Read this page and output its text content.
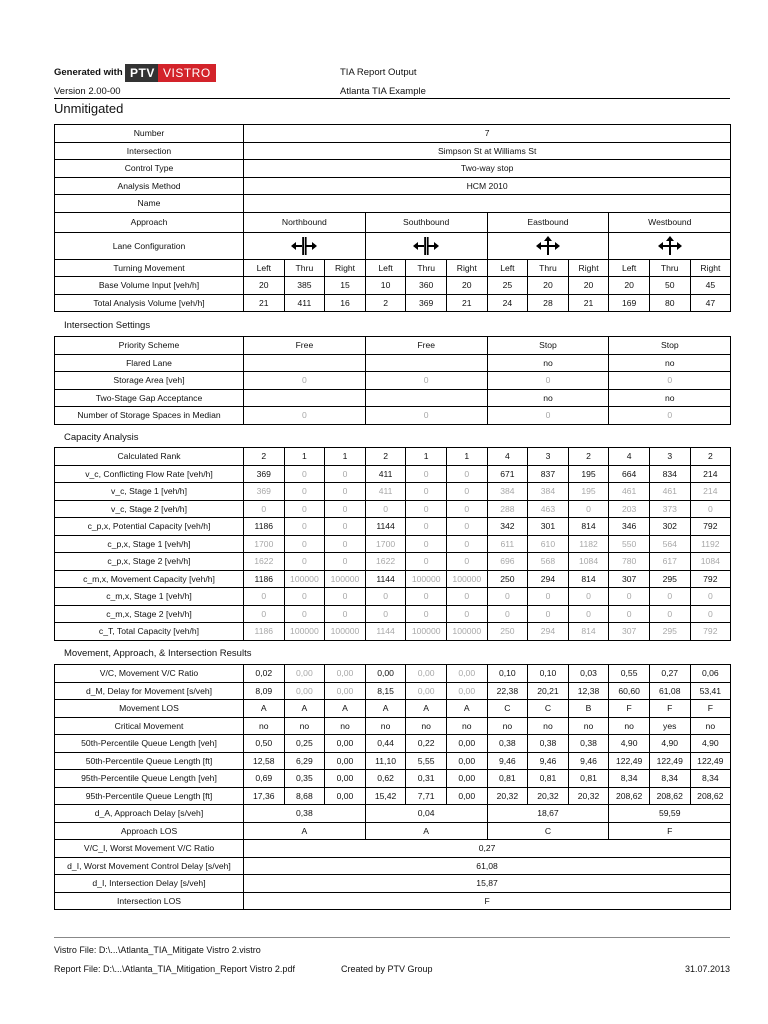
Generated with PTV VISTRO
Version 2.00-00
TIA Report Output
Atlanta TIA Example
Unmitigated
Number	7											
Intersection	Simpson St at Williams St											
Control Type	Two-way stop											
Analysis Method	HCM 2010											
Name												
Approach	Northbound			Southbound			Eastbound			Westbound		
Lane Configuration	

Turning Movement	Left	Thru	Right	Left	Thru	Right	Left	Thru	Right	Left	Thru	Right
Base Volume Input [veh/h]	20	385	15	10	360	20	25	20	20	20	50	45
Total Analysis Volume [veh/h]	21	411	16	2	369	21	24	28	21	169	80	47
Intersection Settings
Priority Scheme	Free	Free	Stop	Stop
Flared Lane			no	no
Storage Area [veh]	0	0	0	0
Two-Stage Gap Acceptance			no	no
Number of Storage Spaces in Median	0	0	0	0
Capacity Analysis
Calculated Rank	2	1	1	2	1	1	4	3	2	4	3	2
v_c, Conflicting Flow Rate [veh/h]	369	0	0	411	0	0	671	837	195	664	834	214
v_c, Stage 1 [veh/h]	369	0	0	411	0	0	384	384	195	461	461	214
v_c, Stage 2 [veh/h]	0	0	0	0	0	0	288	463	0	203	373	0
c_p,x, Potential Capacity [veh/h]	1186	0	0	1144	0	0	342	301	814	346	302	792
c_p,x, Stage 1 [veh/h]	1700	0	0	1700	0	0	611	610	1182	550	564	1192
c_p,x, Stage 2 [veh/h]	1622	0	0	1622	0	0	696	568	1084	780	617	1084
c_m,x, Movement Capacity [veh/h]	1186	100000	100000	1144	100000	100000	250	294	814	307	295	792
c_m,x, Stage 1 [veh/h]	0	0	0	0	0	0	0	0	0	0	0	0
c_m,x, Stage 2 [veh/h]	0	0	0	0	0	0	0	0	0	0	0	0
c_T, Total Capacity [veh/h]	1186	100000	100000	1144	100000	100000	250	294	814	307	295	792
Movement, Approach, & Intersection Results
V/C, Movement V/C Ratio	0,02	0,00	0,00	0,00	0,00	0,00	0,10	0,10	0,03	0,55	0,27	0,06
d_M, Delay for Movement [s/veh]	8,09	0,00	0,00	8,15	0,00	0,00	22,38	20,21	12,38	60,60	61,08	53,41
Movement LOS	A	A	A	A	A	A	C	C	B	F	F	F
Critical Movement	no	no	no	no	no	no	no	no	no	no	yes	no
50th-Percentile Queue Length [veh]	0,50	0,25	0,00	0,44	0,22	0,00	0,38	0,38	0,38	4,90	4,90	4,90
50th-Percentile Queue Length [ft]	12,58	6,29	0,00	11,10	5,55	0,00	9,46	9,46	9,46	122,49	122,49	122,49
95th-Percentile Queue Length [veh]	0,69	0,35	0,00	0,62	0,31	0,00	0,81	0,81	0,81	8,34	8,34	8,34
95th-Percentile Queue Length [ft]	17,36	8,68	0,00	15,42	7,71	0,00	20,32	20,32	20,32	208,62	208,62	208,62
d_A, Approach Delay [s/veh]	0,38			0,04			18,67			59,59		
Approach LOS	A			A			C			F		
V/C_I, Worst Movement V/C Ratio	0,27											
d_I, Worst Movement Control Delay [s/veh]	61,08											
d_I, Intersection Delay [s/veh]	15,87											
Intersection LOS	F											
Vistro File: D:\...\Atlanta_TIA_Mitigate Vistro 2.vistro
Report File: D:\...\Atlanta_TIA_Mitigation_Report Vistro 2.pdf	Created by PTV Group	31.07.2013
